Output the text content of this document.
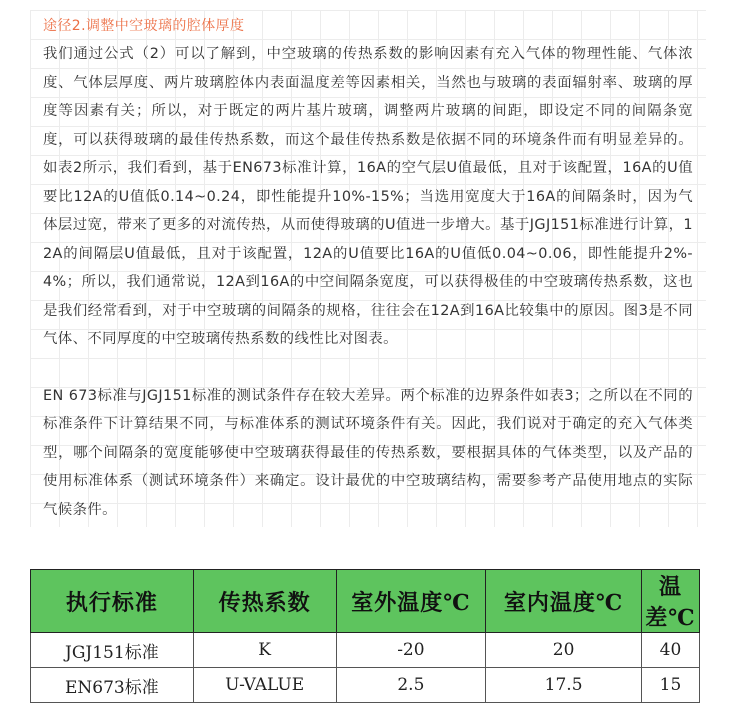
途径2.调整中空玻璃的腔体厚度

我们通过公式（2）可以了解到，中空玻璃的传热系数的影响因素有充入气体的物理性能、气体浓度、气体层厚度、两片玻璃腔体内表面温度差等因素相关，当然也与玻璃的表面辐射率、玻璃的厚度等因素有关；所以，对于既定的两片基片玻璃，调整两片玻璃的间距，即设定不同的间隔条宽度，可以获得玻璃的最佳传热系数，而这个最佳传热系数是依据不同的环境条件而有明显差异的。如表2所示，我们看到，基于EN673标准计算，16A的空气层U值最低，且对于该配置，16A的U值要比12A的U值低0.14~0.24，即性能提升10%-15%；当选用宽度大于16A的间隔条时，因为气体层过宽，带来了更多的对流传热，从而使得玻璃的U值进一步增大。基于JGJ151标准进行计算，12A的间隔层U值最低，且对于该配置，12A的U值要比16A的U值低0.04~0.06，即性能提升2%-4%；所以，我们通常说，12A到16A的中空间隔条宽度，可以获得极佳的中空玻璃传热系数，这也是我们经常看到，对于中空玻璃的间隔条的规格，往往会在12A到16A比较集中的原因。图3是不同气体、不同厚度的中空玻璃传热系数的线性比对图表。

EN 673标准与JGJ151标准的测试条件存在较大差异。两个标准的边界条件如表3；之所以在不同的标准条件下计算结果不同，与标准体系的测试环境条件有关。因此，我们说对于确定的充入气体类型，哪个间隔条的宽度能够使中空玻璃获得最佳的传热系数，要根据具体的气体类型，以及产品的使用标准体系（测试环境条件）来确定。设计最优的中空玻璃结构，需要参考产品使用地点的实际气候条件。

执行标准	传热系数	室外温度℃	室内温度℃	温差℃
JGJ151标准	K	-20	20	40
EN673标准	U-VALUE	2.5	17.5	15
